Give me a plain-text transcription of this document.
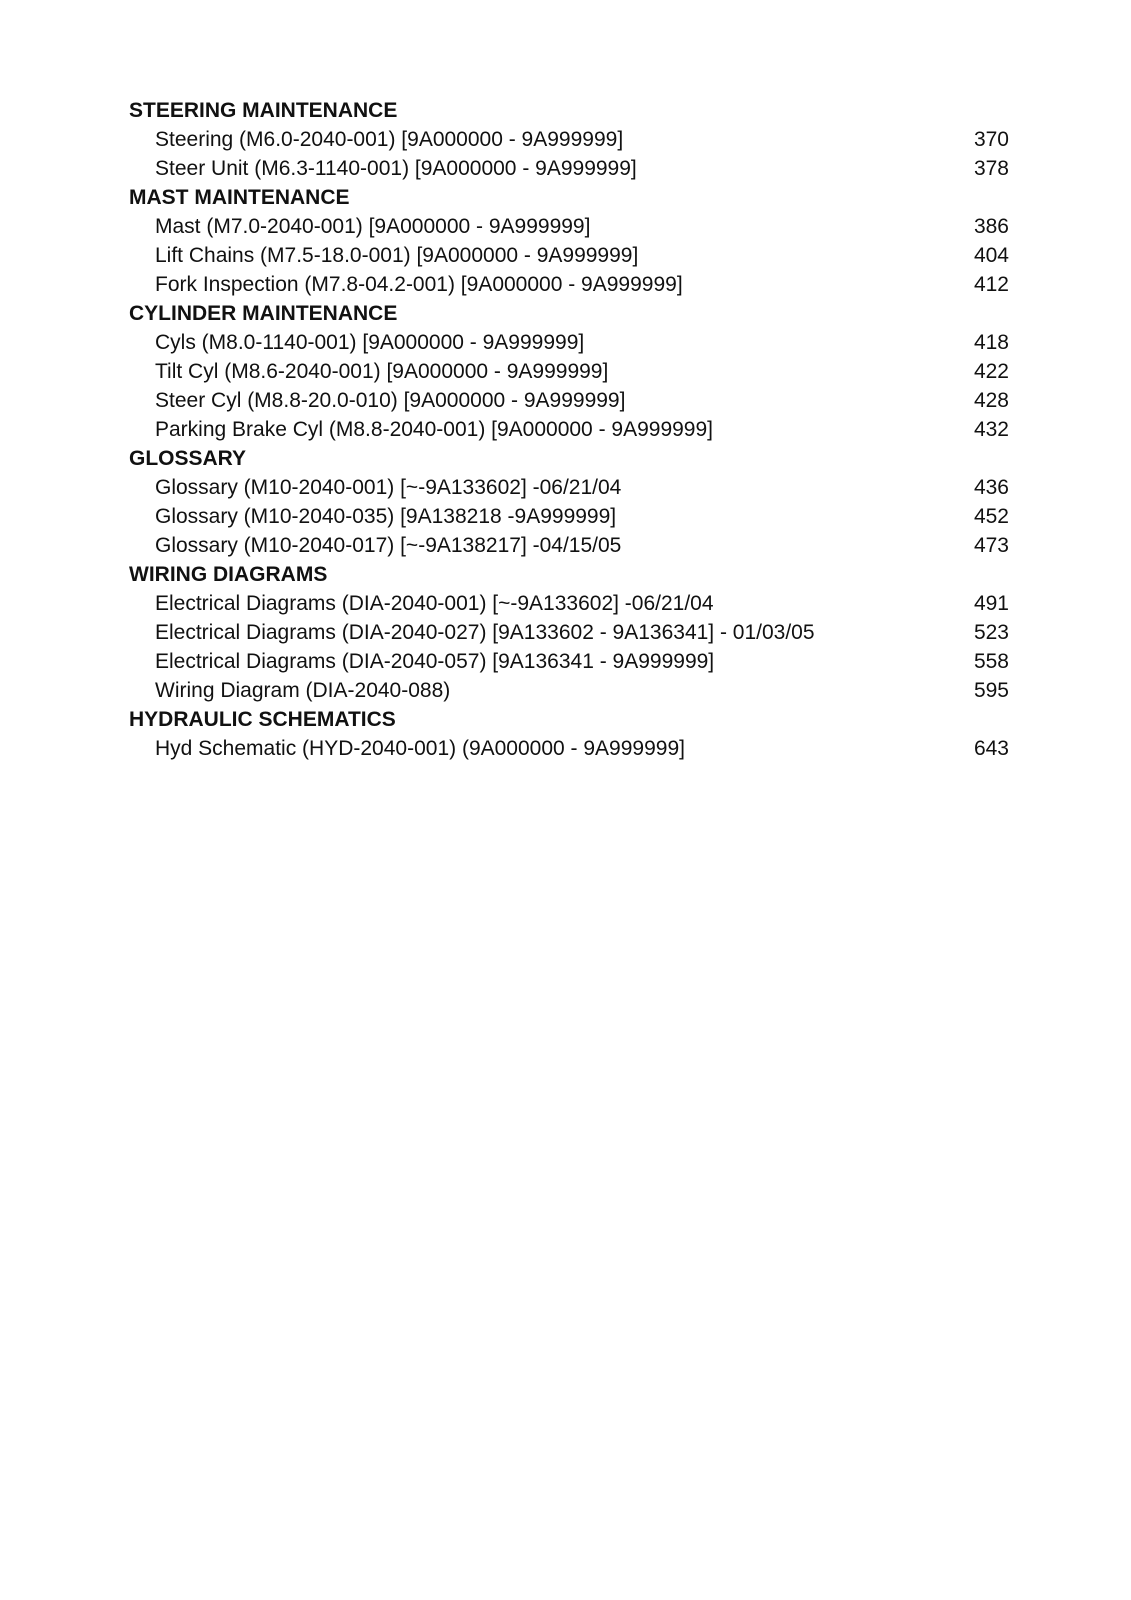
STEERING MAINTENANCE
Steering (M6.0-2040-001) [9A000000 - 9A999999]	370
Steer Unit (M6.3-1140-001) [9A000000 - 9A999999]	378
MAST MAINTENANCE
Mast (M7.0-2040-001) [9A000000 - 9A999999]	386
Lift Chains (M7.5-18.0-001) [9A000000 - 9A999999]	404
Fork Inspection (M7.8-04.2-001) [9A000000 - 9A999999]	412
CYLINDER MAINTENANCE
Cyls (M8.0-1140-001) [9A000000 - 9A999999]	418
Tilt Cyl (M8.6-2040-001) [9A000000 - 9A999999]	422
Steer Cyl (M8.8-20.0-010) [9A000000 - 9A999999]	428
Parking Brake Cyl (M8.8-2040-001) [9A000000 - 9A999999]	432
GLOSSARY
Glossary (M10-2040-001) [~-9A133602] -06/21/04	436
Glossary (M10-2040-035) [9A138218 -9A999999]	452
Glossary (M10-2040-017) [~-9A138217] -04/15/05	473
WIRING DIAGRAMS
Electrical Diagrams (DIA-2040-001) [~-9A133602] -06/21/04	491
Electrical Diagrams (DIA-2040-027) [9A133602 - 9A136341] - 01/03/05	523
Electrical Diagrams (DIA-2040-057) [9A136341 - 9A999999]	558
Wiring Diagram (DIA-2040-088)	595
HYDRAULIC SCHEMATICS
Hyd Schematic (HYD-2040-001) (9A000000 - 9A999999]	643
